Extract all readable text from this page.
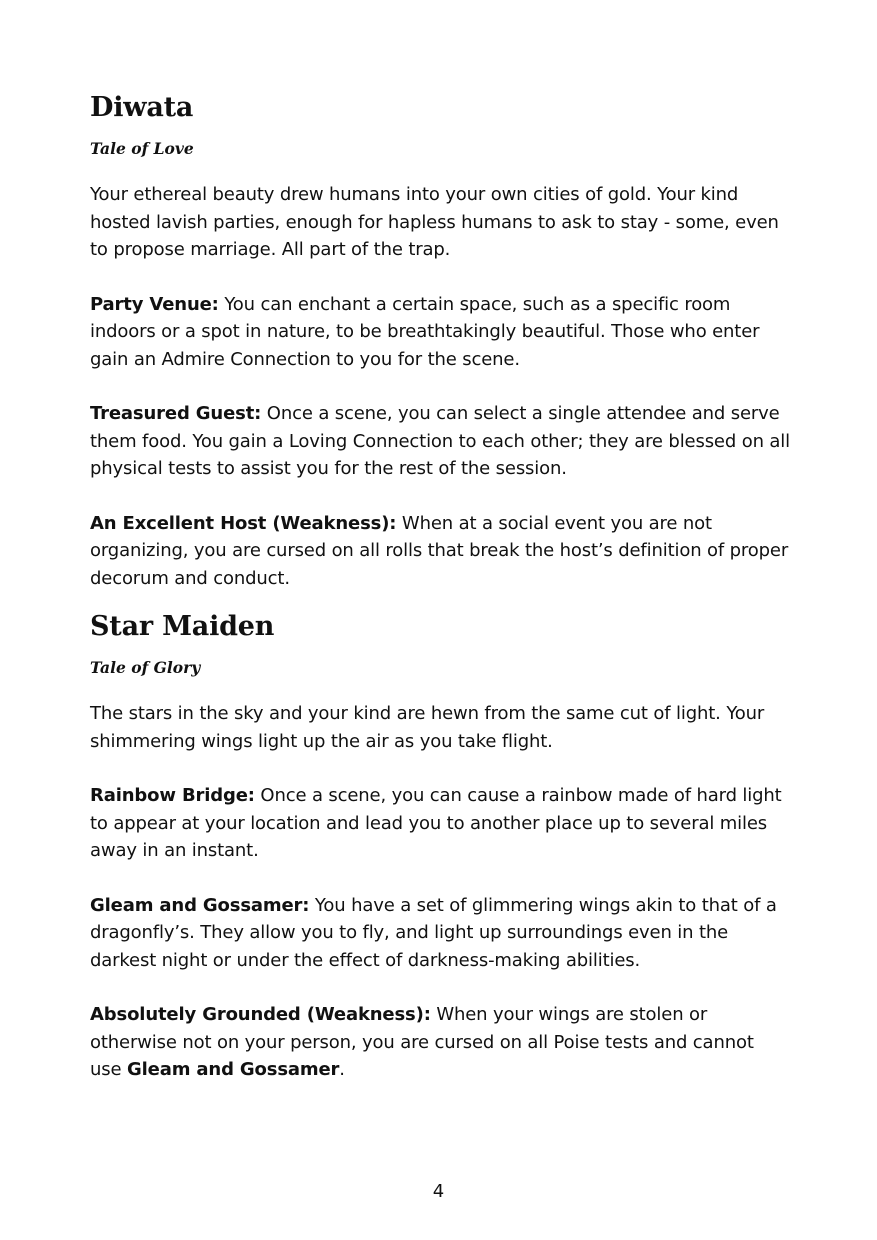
Diwata
Tale of Love

Your ethereal beauty drew humans into your own cities of gold. Your kind hosted lavish parties, enough for hapless humans to ask to stay - some, even to propose marriage. All part of the trap.

Party Venue: You can enchant a certain space, such as a specific room indoors or a spot in nature, to be breathtakingly beautiful. Those who enter gain an Admire Connection to you for the scene.

Treasured Guest: Once a scene, you can select a single attendee and serve them food. You gain a Loving Connection to each other; they are blessed on all physical tests to assist you for the rest of the session.

An Excellent Host (Weakness): When at a social event you are not organizing, you are cursed on all rolls that break the host’s definition of proper decorum and conduct.

Star Maiden
Tale of Glory

The stars in the sky and your kind are hewn from the same cut of light. Your shimmering wings light up the air as you take flight.

Rainbow Bridge: Once a scene, you can cause a rainbow made of hard light to appear at your location and lead you to another place up to several miles away in an instant.

Gleam and Gossamer: You have a set of glimmering wings akin to that of a dragonfly’s. They allow you to fly, and light up surroundings even in the darkest night or under the effect of darkness-making abilities.

Absolutely Grounded (Weakness): When your wings are stolen or otherwise not on your person, you are cursed on all Poise tests and cannot use Gleam and Gossamer.

4
